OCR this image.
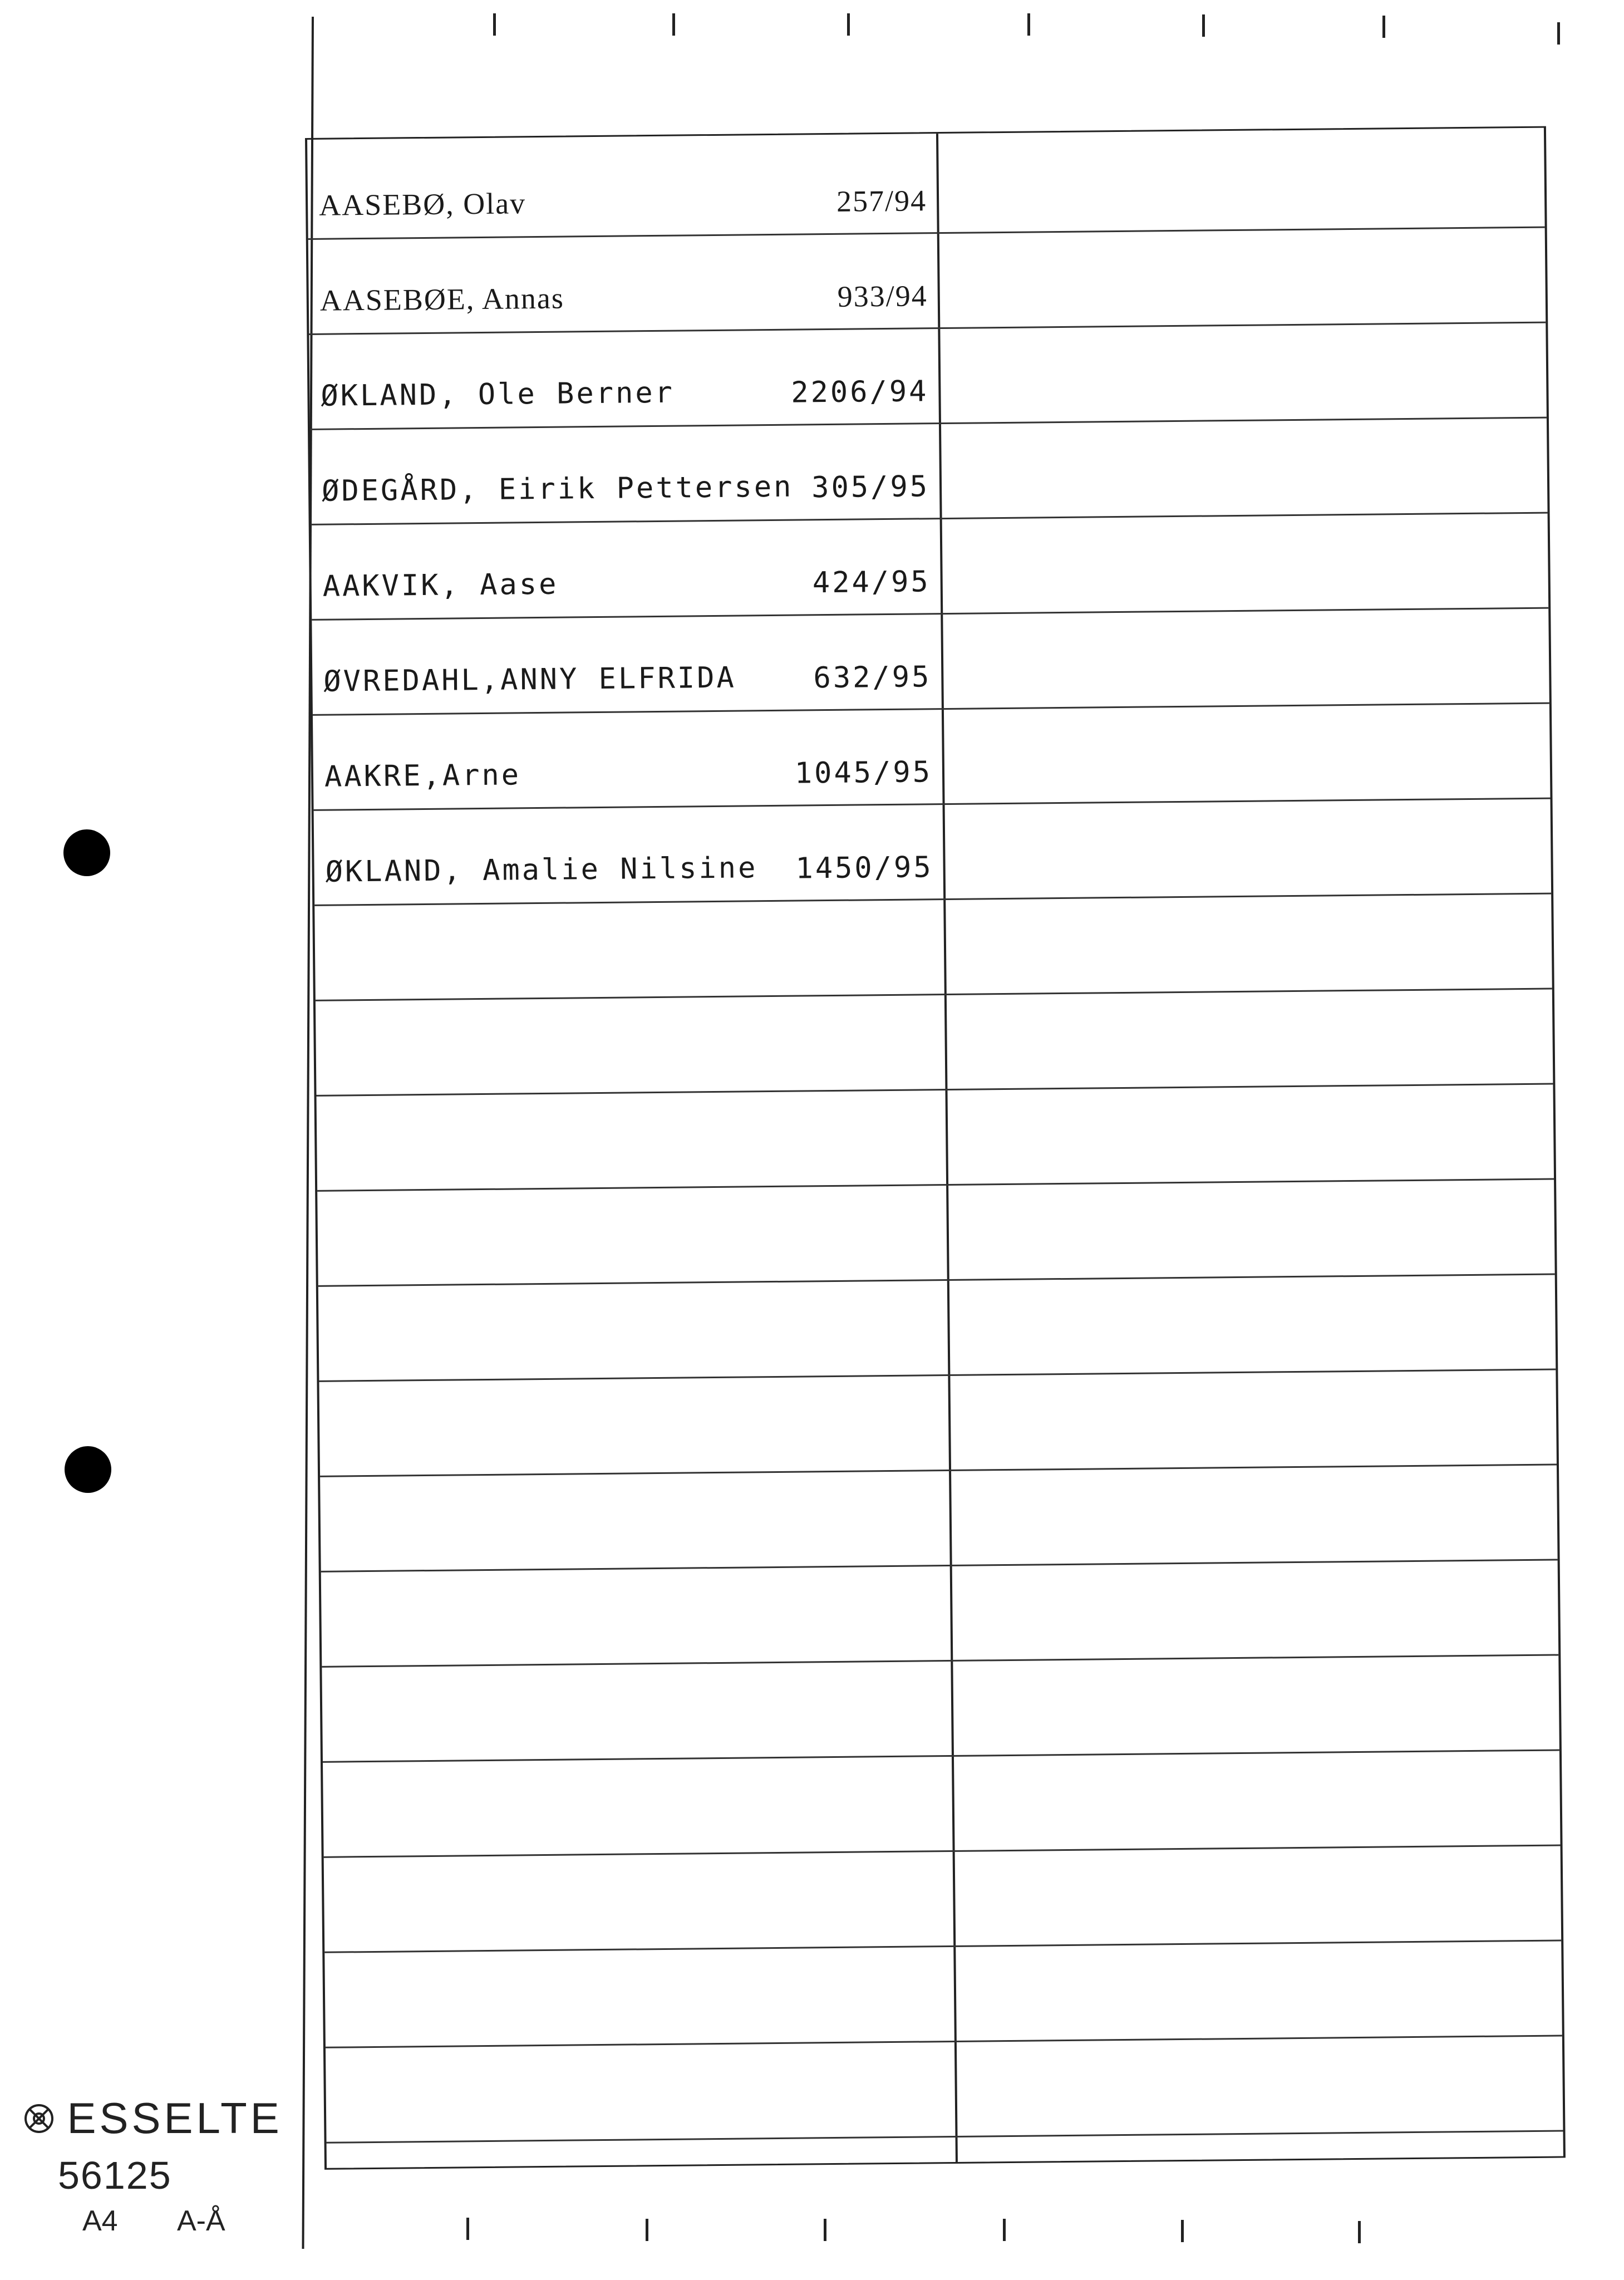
AASEBØ, Olav	257/94
AASEBØE, Annas	933/94
ØKLAND, Ole Berner	2206/94
ØDEGÅRD, Eirik Pettersen 305/95
AAKVIK, Aase	424/95
ØVREDAHL,ANNY ELFRIDA	632/95
AAKRE,Arne	1045/95
ØKLAND, Amalie Nilsine 1450/95
ESSELTE
56125
A4 A-Å
